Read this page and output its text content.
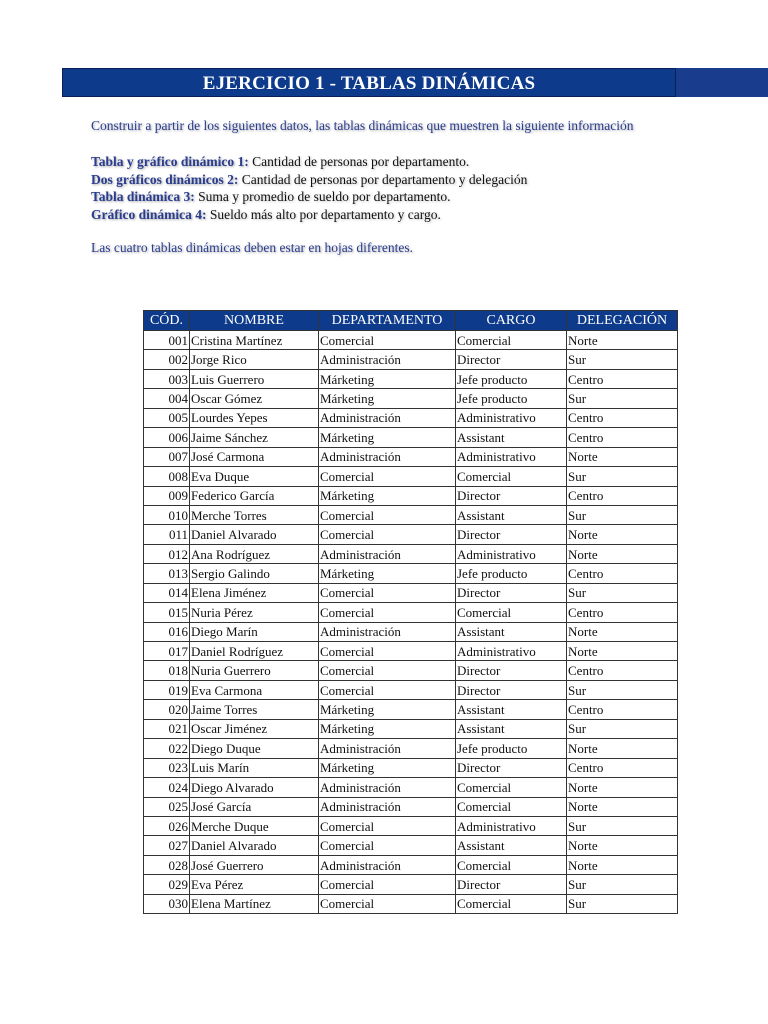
EJERCICIO 1 - TABLAS DINÁMICAS
Construir a partir de los siguientes datos, las tablas dinámicas que muestren la siguiente información
Tabla y gráfico dinámico 1: Cantidad de personas por departamento.
Dos gráficos dinámicos 2: Cantidad de personas por departamento y delegación
Tabla dinámica 3: Suma y promedio de sueldo por departamento.
Gráfico dinámica 4: Sueldo más alto por departamento y cargo.
Las cuatro tablas dinámicas deben estar en hojas diferentes.
CÓD.	NOMBRE	DEPARTAMENTO	CARGO	DELEGACIÓN
001	Cristina Martínez	Comercial	Comercial	Norte
002	Jorge Rico	Administración	Director	Sur
003	Luis Guerrero	Márketing	Jefe producto	Centro
004	Oscar Gómez	Márketing	Jefe producto	Sur
005	Lourdes Yepes	Administración	Administrativo	Centro
006	Jaime Sánchez	Márketing	Assistant	Centro
007	José Carmona	Administración	Administrativo	Norte
008	Eva Duque	Comercial	Comercial	Sur
009	Federico García	Márketing	Director	Centro
010	Merche Torres	Comercial	Assistant	Sur
011	Daniel Alvarado	Comercial	Director	Norte
012	Ana Rodríguez	Administración	Administrativo	Norte
013	Sergio Galindo	Márketing	Jefe producto	Centro
014	Elena Jiménez	Comercial	Director	Sur
015	Nuria Pérez	Comercial	Comercial	Centro
016	Diego Marín	Administración	Assistant	Norte
017	Daniel Rodríguez	Comercial	Administrativo	Norte
018	Nuria Guerrero	Comercial	Director	Centro
019	Eva Carmona	Comercial	Director	Sur
020	Jaime Torres	Márketing	Assistant	Centro
021	Oscar Jiménez	Márketing	Assistant	Sur
022	Diego Duque	Administración	Jefe producto	Norte
023	Luis Marín	Márketing	Director	Centro
024	Diego Alvarado	Administración	Comercial	Norte
025	José García	Administración	Comercial	Norte
026	Merche Duque	Comercial	Administrativo	Sur
027	Daniel Alvarado	Comercial	Assistant	Norte
028	José Guerrero	Administración	Comercial	Norte
029	Eva Pérez	Comercial	Director	Sur
030	Elena Martínez	Comercial	Comercial	Sur
